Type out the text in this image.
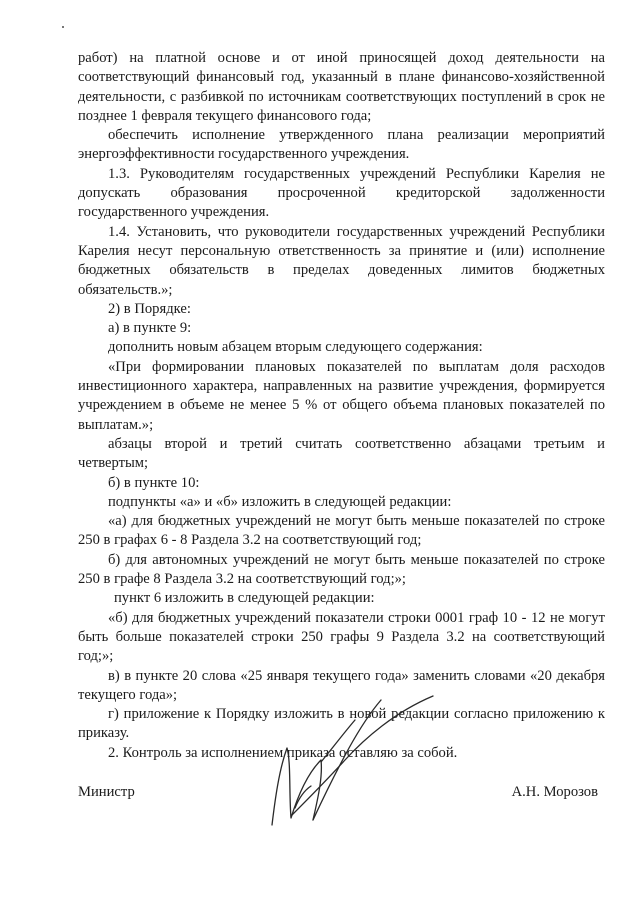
работ) на платной основе и от иной приносящей доход деятельности на соответствующий финансовый год, указанный в плане финансово-хозяйственной деятельности, с разбивкой по источникам соответствующих поступлений в срок не позднее 1 февраля текущего финансового года;

обеспечить исполнение утвержденного плана реализации мероприятий энергоэффективности государственного учреждения.

1.3. Руководителям государственных учреждений Республики Карелия не допускать образования просроченной кредиторской задолженности государственного учреждения.

1.4. Установить, что руководители государственных учреждений Республики Карелия несут персональную ответственность за принятие и (или) исполнение бюджетных обязательств в пределах доведенных лимитов бюджетных обязательств.»;

2) в Порядке:

а) в пункте 9:

дополнить новым абзацем вторым следующего содержания:

«При формировании плановых показателей по выплатам доля расходов инвестиционного характера, направленных на развитие учреждения, формируется учреждением в объеме не менее 5 % от общего объема плановых показателей по выплатам.»;

абзацы второй и третий считать соответственно абзацами третьим и четвертым;

б) в пункте 10:

подпункты «а» и «б» изложить в следующей редакции:

«а) для бюджетных учреждений не могут быть меньше показателей по строке 250 в графах 6 - 8 Раздела 3.2 на соответствующий год;

б) для автономных учреждений не могут быть меньше показателей по строке 250 в графе 8 Раздела 3.2 на соответствующий год;»;

пункт 6 изложить в следующей редакции:

«б) для бюджетных учреждений показатели строки 0001 граф 10 - 12 не могут быть больше показателей строки 250 графы 9 Раздела 3.2 на соответствующий год;»;

в) в пункте 20 слова «25 января текущего года» заменить словами «20 декабря текущего года»;

г) приложение к Порядку изложить в новой редакции согласно приложению к приказу.

2. Контроль за исполнением приказа оставляю за собой.

Министр	А.Н. Морозов
